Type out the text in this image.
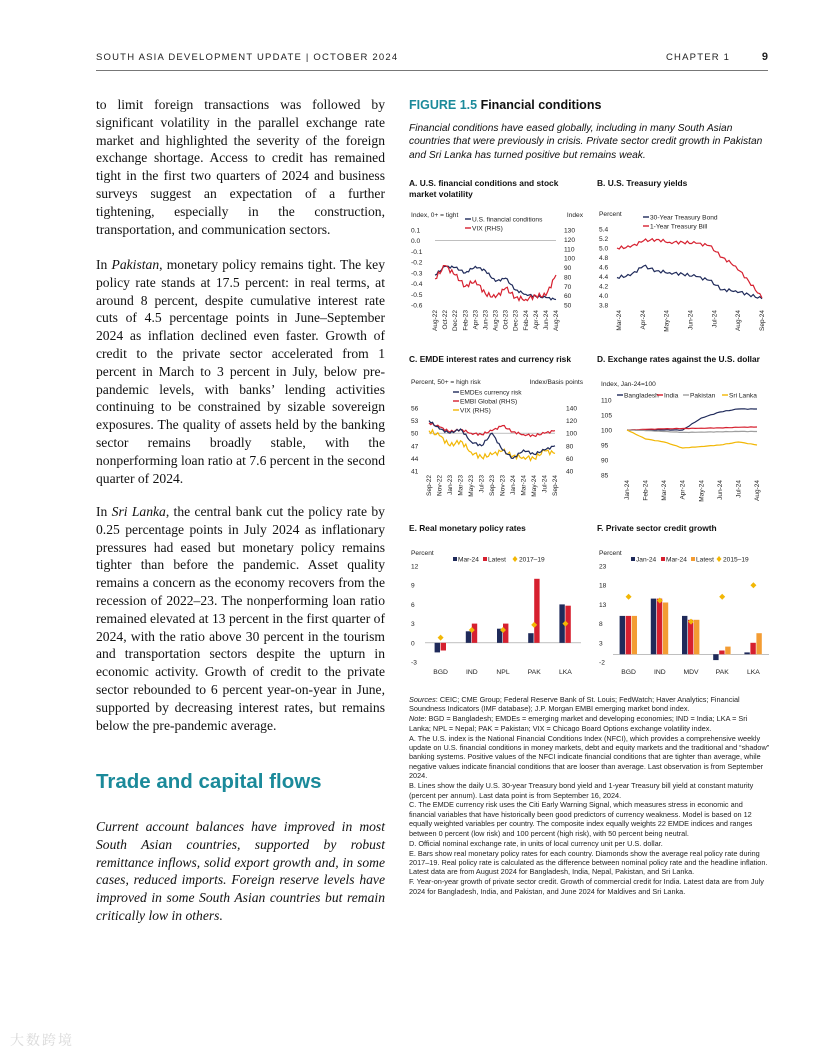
SOUTH ASIA DEVELOPMENT UPDATE | OCTOBER 2024	CHAPTER 1	9

to limit foreign transactions was followed by significant volatility in the parallel exchange rate market and highlighted the severity of the foreign exchange shortage. Access to credit has remained tight in the first two quarters of 2024 and business surveys suggest an expectation of a further tightening, especially in the construction, transportation, and communication sectors.

In Pakistan, monetary policy remains tight. The key policy rate stands at 17.5 percent: in real terms, at around 8 percent, despite cumulative interest rate cuts of 4.5 percentage points in June–September 2024 as inflation declined even faster. Growth of credit to the private sector accelerated from 1 percent in March to 3 percent in July, below pre-pandemic levels, with banks’ lending activities continuing to be constrained by sizable sovereign exposures. The quality of assets held by the banking sector remains broadly stable, with the nonperforming loan ratio at 7.6 percent in the second quarter of 2024.

In Sri Lanka, the central bank cut the policy rate by 0.25 percentage points in July 2024 as inflationary pressures had eased but monetary policy remains tighter than before the pandemic. Asset quality remains a concern as the economy recovers from the recession of 2022–23. The nonperforming loan ratio remained elevated at 13 percent in the first quarter of 2024, with the ratio above 30 percent in the tourism and transportation sectors despite the upturn in economic activity. Growth of credit to the private sector rebounded to 6 percent year-on-year in June, supported by decreasing interest rates, but remains below the pre-pandemic average.

Trade and capital flows

Current account balances have improved in most South Asian countries, supported by robust remittance inflows, solid export growth and, in some cases, reduced imports. Foreign reserve levels have improved in some South Asian countries but remain critically low in others.

FIGURE 1.5 Financial conditions

Financial conditions have eased globally, including in many South Asian countries that were previously in crisis. Private sector credit growth in Pakistan and Sri Lanka has turned positive but remains weak.

A. U.S. financial conditions and stock market volatility

B. U.S. Treasury yields

C. EMDE interest rates and currency risk	D. Exchange rates against the U.S. dollar

E. Real monetary policy rates	F. Private sector credit growth

Index, 0+ = tight	Index
0.1
0.0
-0.1
-0.2
-0.3
-0.4
-0.5
-0.6
130
120
110
100
90
80
70
60
50
U.S. financial conditions
VIX (RHS)
Aug-22 Oct-22 Dec-22 Feb-23 Apr-23 Jun-23 Aug-23 Oct-23 Dec-23 Feb-24 Apr-24 Jun-24 Aug-24
Percent
5.4
5.2
5.0
4.8
4.6
4.4
4.2
4.0
3.8
30-Year Treasury Bond
1-Year Treasury Bill
Mar-24	Apr-24	May-24	Jun-24	Jul-24	Aug-24	Sep-24
Percent, 50+ = high risk	Index/Basis points
56
53
50
47
44
41
140
120
100
80
60
40
EMDEs currency risk
EMBI Global (RHS)
VIX (RHS)
Sep-22 Nov-22 Jan-23 Mar-23 May-23 Jul-23 Sep-23 Nov-23 Jan-24 Mar-24 May-24 Jul-24 Sep-24
Index, Jan-24=100
110
105
100
95
90
85
Bangladesh India Pakistan Sri Lanka
Jan-24 Feb-24 Mar-24 Apr-24 May-24 Jun-24 Jul-24 Aug-24
Percent
12
9
6
3
0
-3
Mar-24 Latest 2017–19
BGD	IND	NPL	PAK	LKA
Percent
23
18
13
8
3
-2
Jan-24 Mar-24 Latest 2015–19
BGD	IND	MDV	PAK	LKA

Sources: CEIC; CME Group; Federal Reserve Bank of St. Louis; FedWatch; Haver Analytics; Financial Soundness Indicators (IMF database); J.P. Morgan EMBI emerging market bond index.

Note: BGD = Bangladesh; EMDEs = emerging market and developing economies; IND = India; LKA = Sri Lanka; NPL = Nepal; PAK = Pakistan; VIX = Chicago Board Options exchange volatility index.

A. The U.S. index is the National Financial Conditions Index (NFCI), which provides a comprehensive weekly update on U.S. financial conditions in money markets, debt and equity markets and the traditional and “shadow” banking systems. Positive values of the NFCI indicate financial conditions that are tighter than average, while negative values indicate financial conditions that are looser than average. Last observation is from September 2024.

B. Lines show the daily U.S. 30-year Treasury bond yield and 1-year Treasury bill yield at constant maturity (percent per annum). Last data point is from September 16, 2024.

C. The EMDE currency risk uses the Citi Early Warning Signal, which measures stress in economic and financial variables that have historically been good predictors of currency weakness. Model is based on 12 equally weighted variables per country. The composite index equally weights 22 EMDE indices and ranges between 0 percent (low risk) and 100 percent (high risk), with 50 percent being neutral.

D. Official nominal exchange rate, in units of local currency unit per U.S. dollar.

E. Bars show real monetary policy rates for each country. Diamonds show the average real policy rate during 2017–19. Real policy rate is calculated as the difference between nominal policy rate and the headline inflation. Latest data are from August 2024 for Bangladesh, India, Nepal, Pakistan, and Sri Lanka.

F. Year-on-year growth of private sector credit. Growth of commercial credit for India. Latest data are from July 2024 for Bangladesh, India, and Pakistan, and June 2024 for Maldives and Sri Lanka.

大数跨境
